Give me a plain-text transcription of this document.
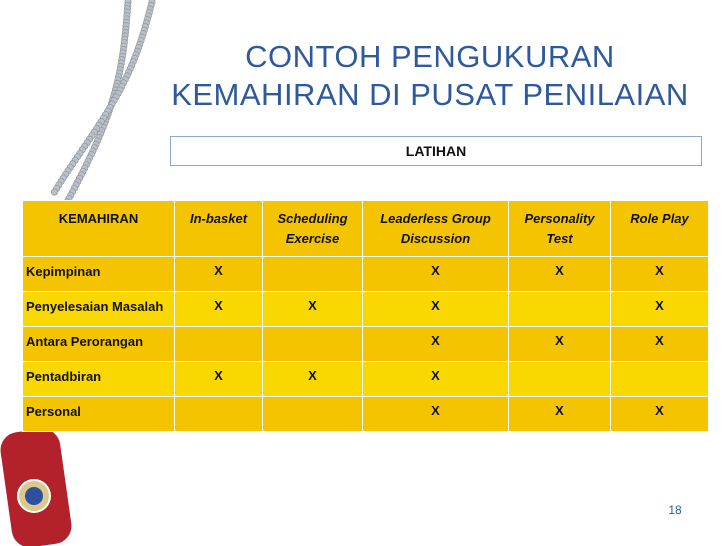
CONTOH PENGUKURAN
KEMAHIRAN DI PUSAT PENILAIAN
LATIHAN
KEMAHIRAN	In-basket	Scheduling Exercise	Leaderless Group Discussion	Personality Test	Role Play
Kepimpinan	X		X	X	X
Penyelesaian Masalah	X	X	X		X
Antara Perorangan			X	X	X
Pentadbiran	X	X	X		
Personal			X	X	X
18
